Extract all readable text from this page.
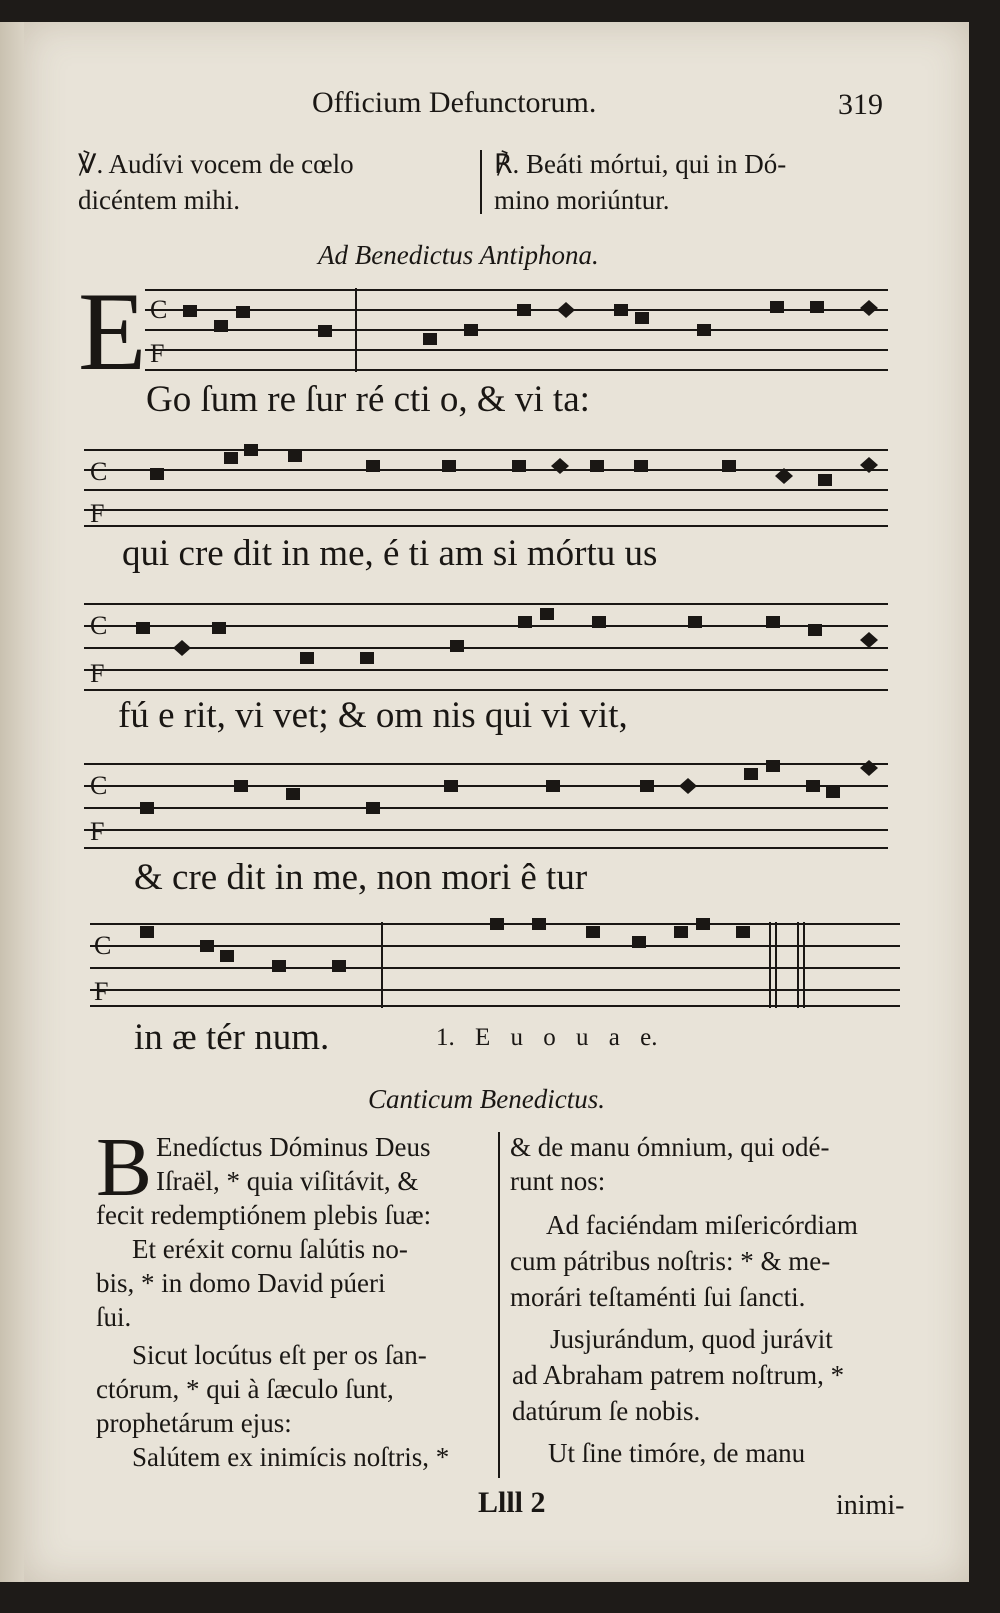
Officium Defunctorum.	319
℣. Audívi vocem de cœlo
dicéntem mihi.
℟. Beáti mórtui, qui in Dó-
mino moriúntur.
Ad Benedictus Antiphona.
E C
F
C
F
C
F
C
F
C
F
Go ſum re ſur ré cti o, & vi ta:
qui cre dit in me, é ti am si mórtu us
fú e rit, vi vet; & om nis qui vi vit,
& cre dit in me, non mori ê tur
in æ tér num.	1. E u o u a e.
Canticum Benedictus.
B Enedíctus Dóminus Deus
Iſraël, * quia viſitávit, &
fecit redemptiónem plebis ſuæ:
Et eréxit cornu ſalútis no-
bis, * in domo David púeri
ſui.
Sicut locútus eſt per os ſan-
ctórum, * qui à ſæculo ſunt,
prophetárum ejus:
Salútem ex inimícis noſtris, *
& de manu ómnium, qui odé-
runt nos:
Ad faciéndam miſericórdiam
cum pátribus noſtris: * & me-
morári teſtaménti ſui ſancti.
Jusjurándum, quod jurávit
ad Abraham patrem noſtrum, *
datúrum ſe nobis.
Ut ſine timóre, de manu
Llll 2	inimi-
